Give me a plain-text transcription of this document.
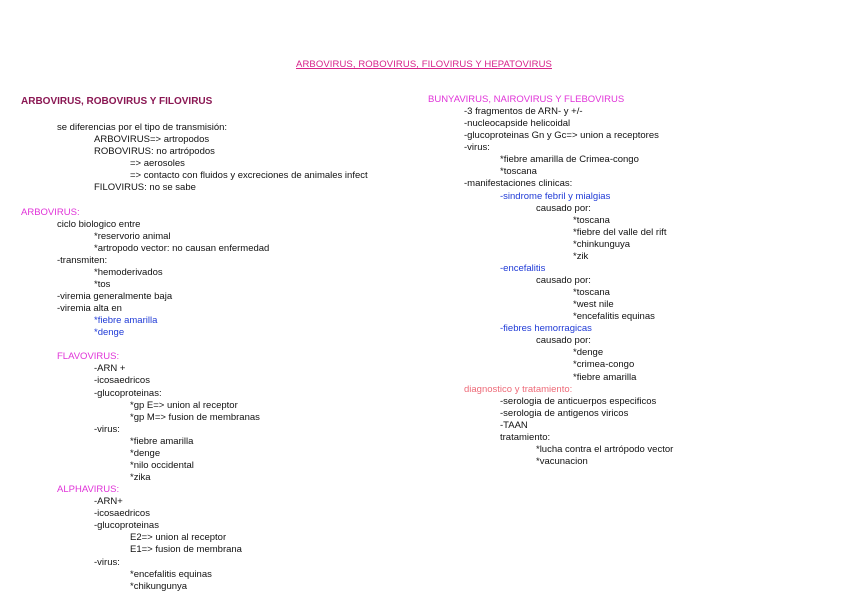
ARBOVIRUS, ROBOVIRUS, FILOVIRUS Y HEPATOVIRUS
ARBOVIRUS, ROBOVIRUS Y FILOVIRUS
se diferencias por el tipo de transmisión:
ARBOVIRUS=> artropodos
ROBOVIRUS: no artrópodos
=> aerosoles
=> contacto con fluidos y excreciones de animales infect
FILOVIRUS: no se sabe
ARBOVIRUS:
ciclo biologico entre
*reservorio animal
*artropodo vector: no causan enfermedad
-transmiten:
*hemoderivados
*tos
-viremia generalmente baja
-viremia alta en
*fiebre amarilla
*denge
FLAVOVIRUS:
-ARN +
-icosaedricos
-glucoproteinas:
*gp E=> union al receptor
*gp M=> fusion de membranas
-virus:
*fiebre amarilla
*denge
*nilo occidental
*zika
ALPHAVIRUS:
-ARN+
-icosaedricos
-glucoproteinas
E2=> union al receptor
E1=> fusion de membrana
-virus:
*encefalitis equinas
*chikungunya
BUNYAVIRUS, NAIROVIRUS Y FLEBOVIRUS
-3 fragmentos de ARN- y +/-
-nucleocapside helicoidal
-glucoproteinas Gn y Gc=> union a receptores
-virus:
*fiebre amarilla de Crimea-congo
*toscana
-manifestaciones clinicas:
-sindrome febril y mialgias
causado por:
*toscana
*fiebre del valle del rift
*chinkunguya
*zik
-encefalitis
causado por:
*toscana
*west nile
*encefalitis equinas
-fiebres hemorragicas
causado por:
*denge
*crimea-congo
*fiebre amarilla
diagnostico y tratamiento:
-serologia de anticuerpos especificos
-serologia de antigenos viricos
-TAAN
tratamiento:
*lucha contra el artrópodo vector
*vacunacion
